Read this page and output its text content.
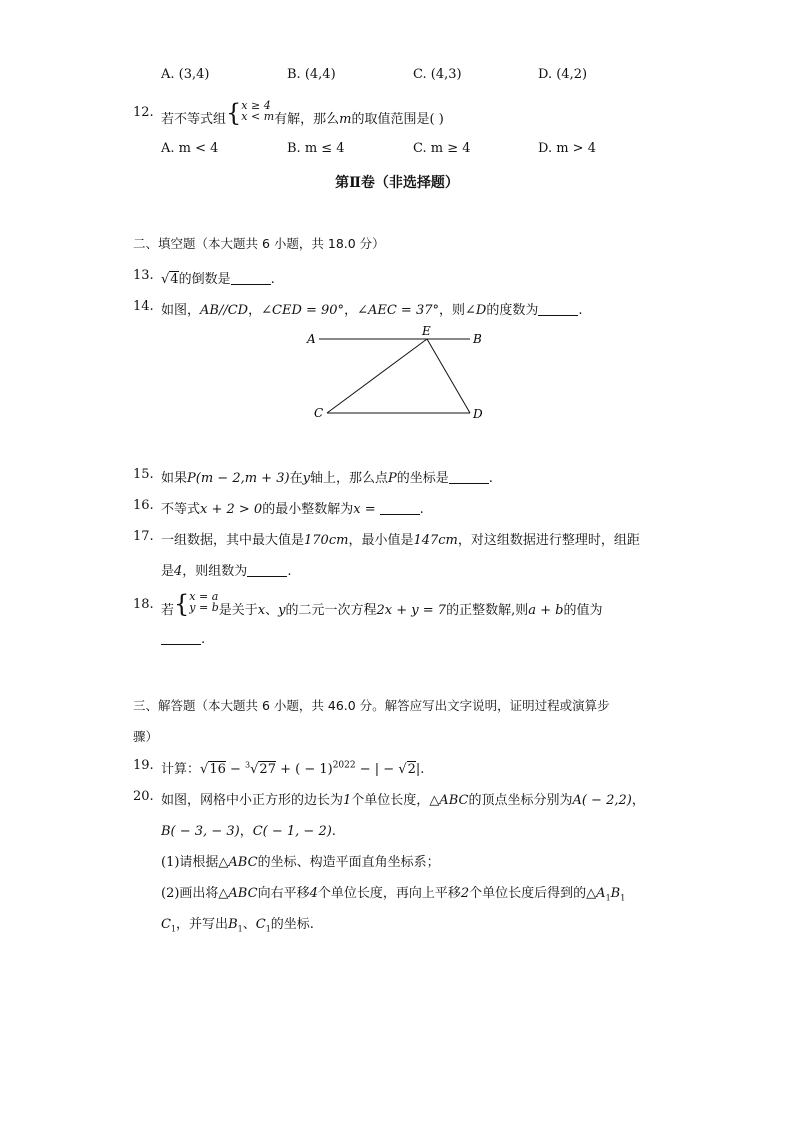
A. (3,4)	B. (4,4)	C. (4,3)	D. (4,2)
12. 若不等式组{x ≥ 4
x < m有解，那么m的取值范围是( )
A. m < 4	B. m ≤ 4	C. m ≥ 4	D. m > 4
第Ⅱ卷（非选择题）
二、填空题（本大题共 6 小题，共 18.0 分）
13. √4的倒数是	.
14. 如图，AB//CD，∠CED = 90°，∠AEC = 37°，则∠D的度数为	.
A	B
E
C	D
15. 如果P(m − 2,m + 3)在y轴上，那么点P的坐标是	.
16. 不等式x + 2 > 0的最小整数解为x =	.
17. 一组数据，其中最大值是170cm，最小值是147cm，对这组数据进行整理时，组距
是4，则组数为	.
18. 若{x = a
y = b是关于x、y的二元一次方程2x + y = 7的正整数解,则a + b的值为
.
三、解答题（本大题共 6 小题，共 46.0 分。解答应写出文字说明，证明过程或演算步
骤）
19. 计算：√16 − $^3$√27 + ( − 1)$^{2022}$ − | − √2|.
20. 如图，网格中小正方形的边长为1个单位长度，△ABC的顶点坐标分别为A( − 2,2)，
B( − 3, − 3)，C( − 1, − 2).
(1)请根据△ABC的坐标、构造平面直角坐标系；
(2)画出将△ABC向右平移4个单位长度，再向上平移2个单位长度后得到的$\triangle A_1B_1$
$C_1$，并写出$B_1$、$C_1$的坐标.
